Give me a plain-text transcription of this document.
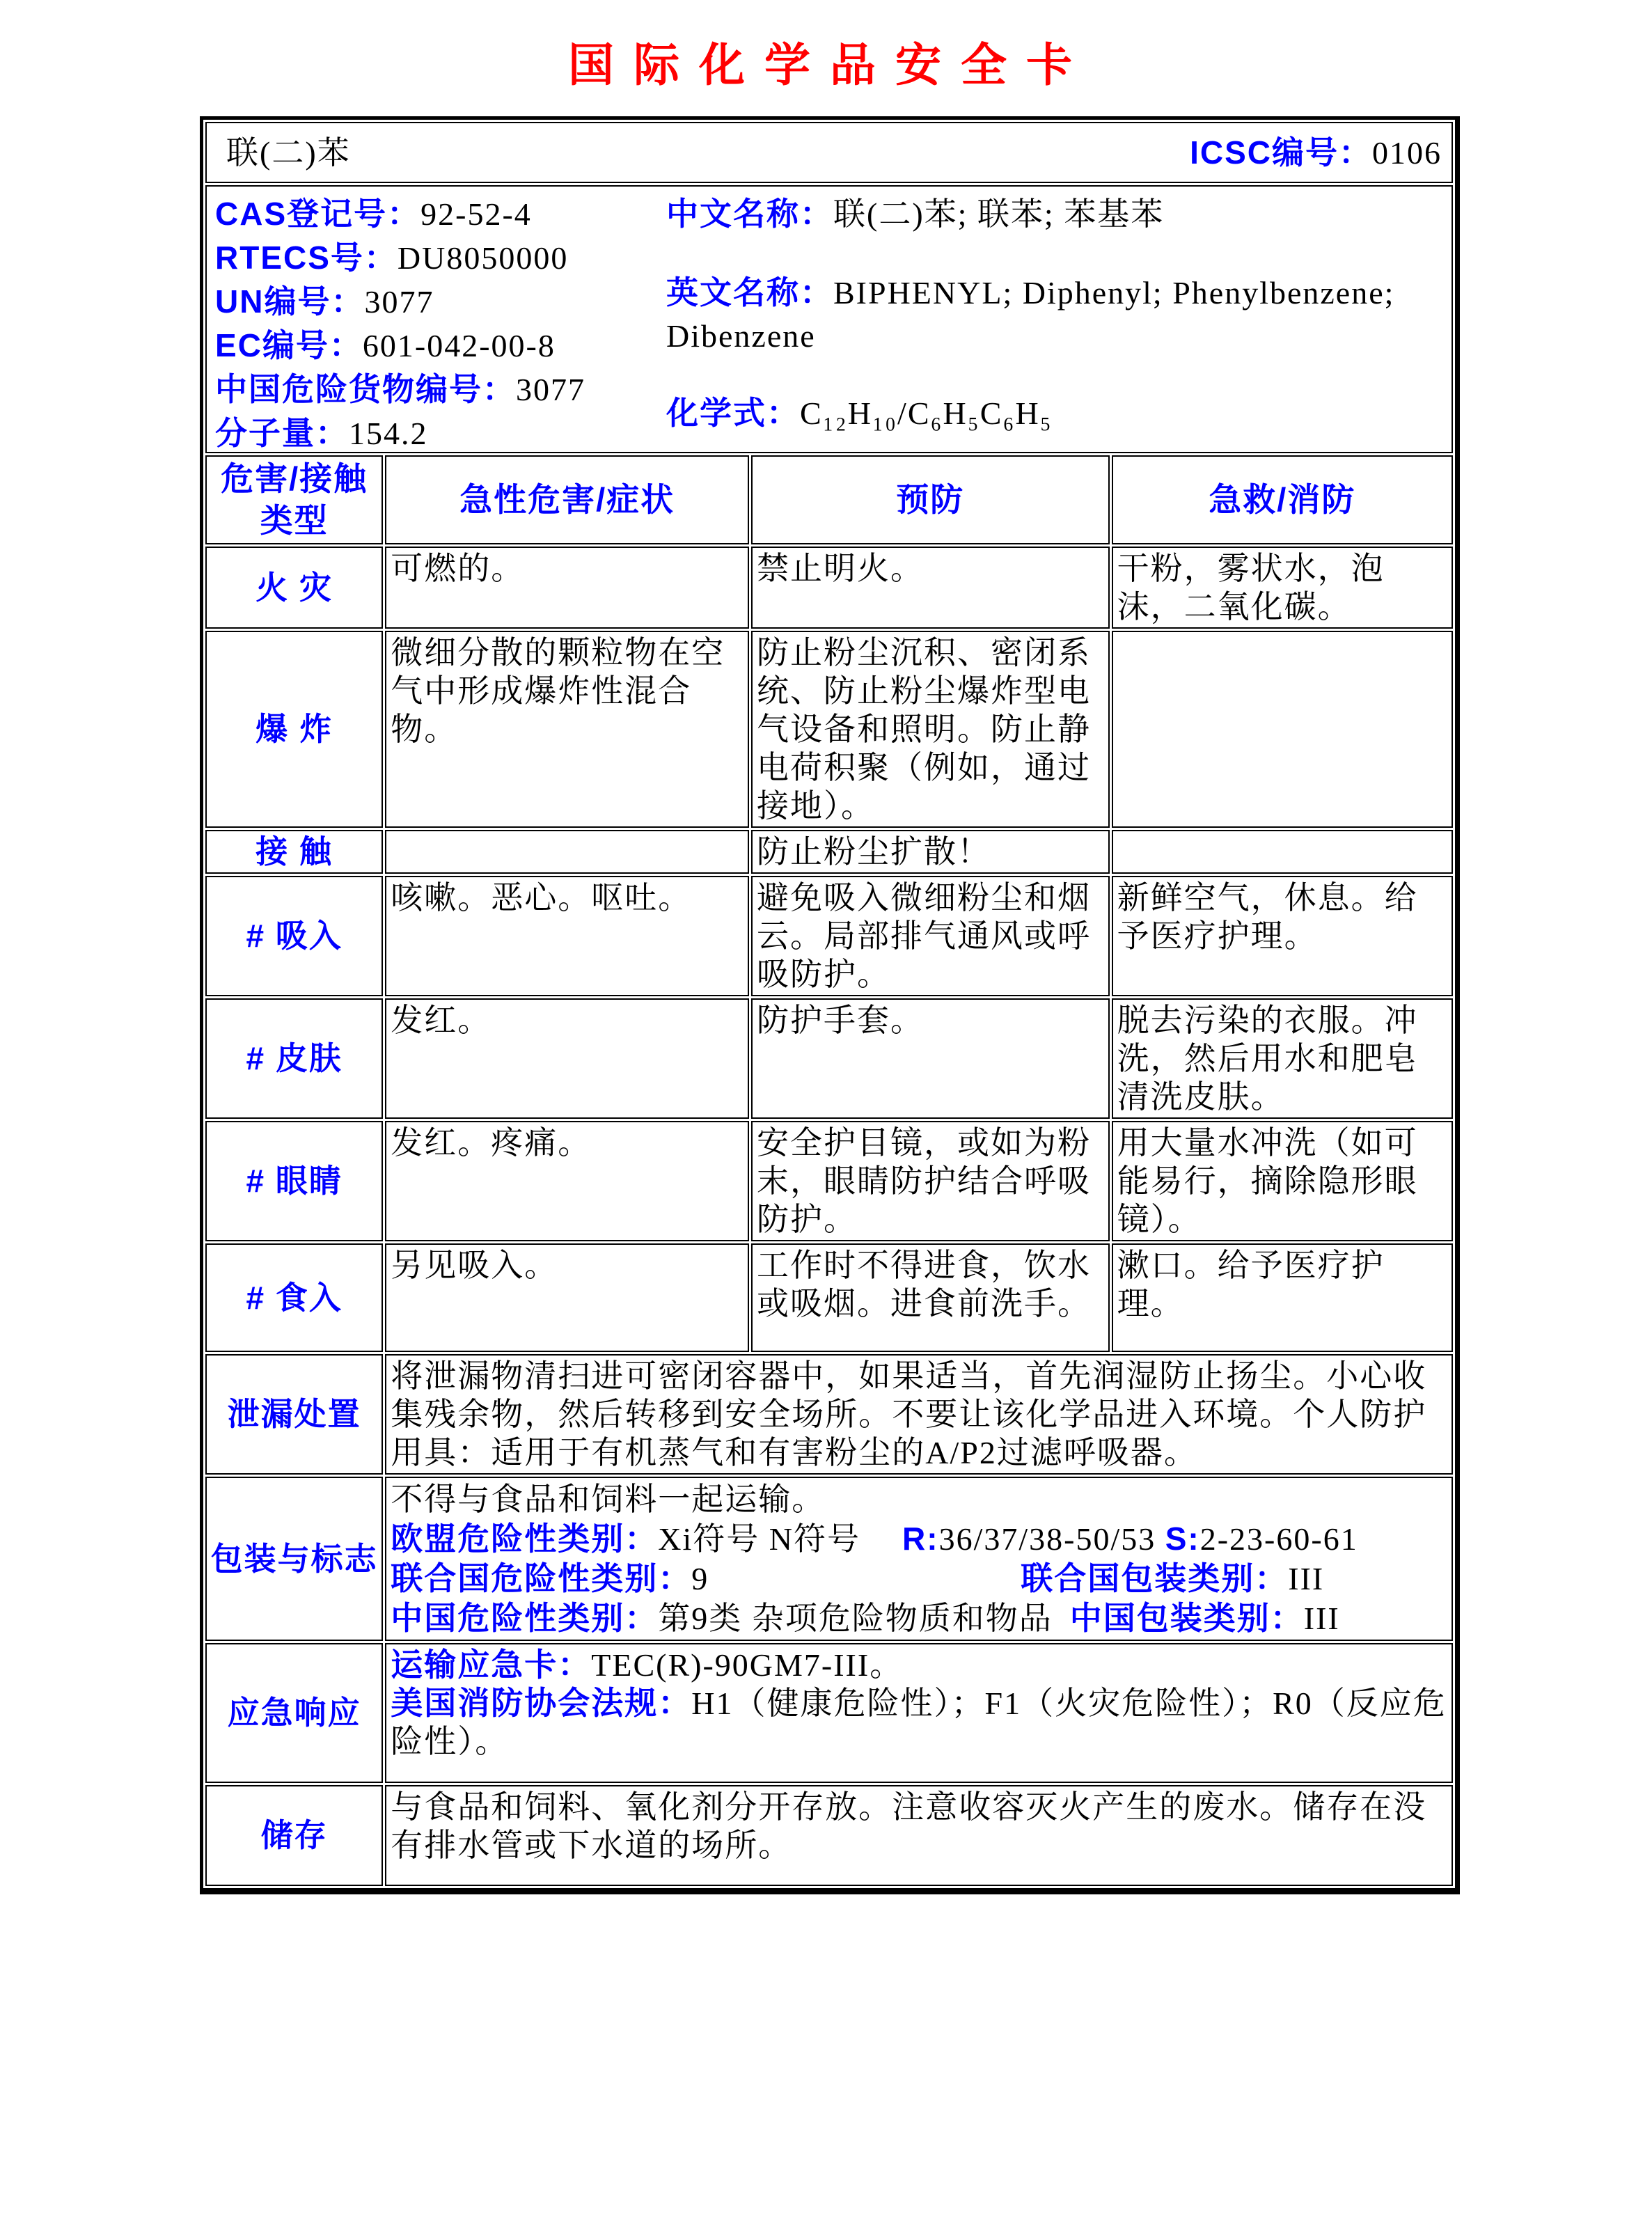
国际化学品安全卡
联(二)苯 ICSC编号：0106			

CAS登记号：92-52-4
RTECS号：DU8050000
UN编号：3077
EC编号：601-042-00-8
中国危险货物编号：3077
分子量：154.2
中文名称：联(二)苯; 联苯; 苯基苯
英文名称：BIPHENYL; Diphenyl; Phenylbenzene; Dibenzene
化学式：C₁₂H₁₀/C₆H₅C₆H₅

危害/接触
类型	急性危害/症状	预防	急救/消防
火 灾	可燃的。	禁止明火。	干粉，雾状水，泡沫，二氧化碳。
爆 炸	微细分散的颗粒物在空气中形成爆炸性混合物。	防止粉尘沉积、密闭系统、防止粉尘爆炸型电气设备和照明。防止静电荷积聚（例如，通过接地）。	
接 触		防止粉尘扩散！	
# 吸入	咳嗽。恶心。呕吐。	避免吸入微细粉尘和烟云。局部排气通风或呼吸防护。	新鲜空气，休息。给予医疗护理。
# 皮肤	发红。	防护手套。	脱去污染的衣服。冲洗，然后用水和肥皂清洗皮肤。
# 眼睛	发红。疼痛。	安全护目镜，或如为粉末，眼睛防护结合呼吸防护。	用大量水冲洗（如可能易行，摘除隐形眼镜）。
# 食入	另见吸入。	工作时不得进食，饮水或吸烟。进食前洗手。	漱口。给予医疗护理。
泄漏处置	将泄漏物清扫进可密闭容器中，如果适当，首先润湿防止扬尘。小心收集残余物，然后转移到安全场所。不要让该化学品进入环境。个人防护用具：适用于有机蒸气和有害粉尘的A/P2过滤呼吸器。		
包装与标志	不得与食品和饲料一起运输。
欧盟危险性类别：Xi符号 N符号 R:36/37/38-50/53 S:2-23-60-61
联合国危险性类别：9 联合国包装类别：III
中国危险性类别：第9类 杂项危险物质和物品 中国包装类别：III		

应急响应	运输应急卡：TEC(R)-90GM7-III。
美国消防协会法规：H1（健康危险性）；F1（火灾危险性）；R0（反应危险性）。		

储存	与食品和饲料、氧化剂分开存放。注意收容灭火产生的废水。储存在没有排水管或下水道的场所。		
